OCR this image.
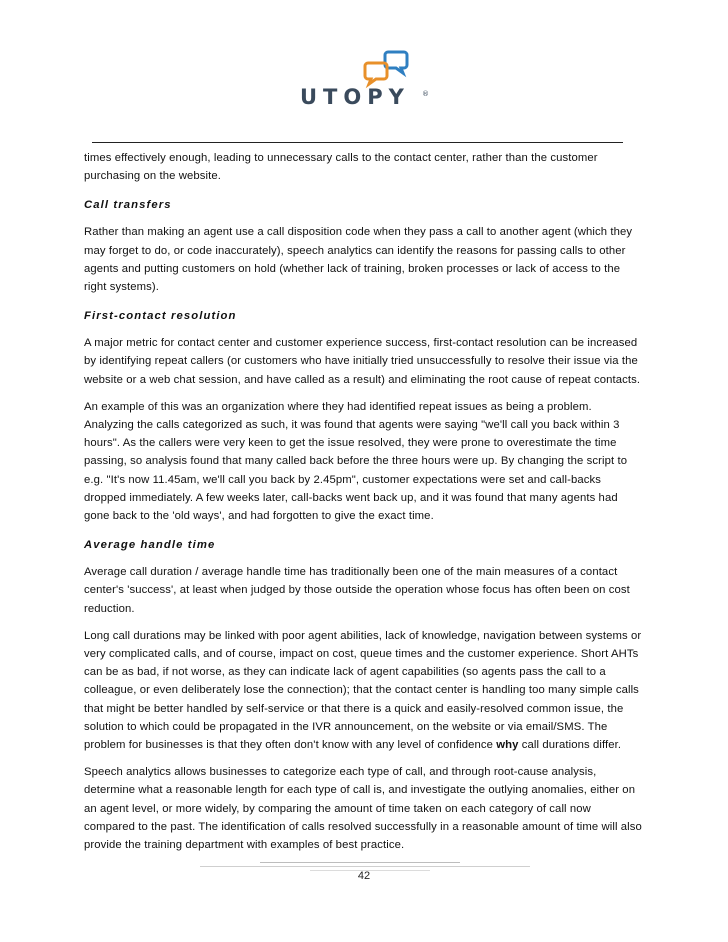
UTOPY ®

times effectively enough, leading to unnecessary calls to the contact center, rather than the customer purchasing on the website.

Call transfers

Rather than making an agent use a call disposition code when they pass a call to another agent (which they may forget to do, or code inaccurately), speech analytics can identify the reasons for passing calls to other agents and putting customers on hold (whether lack of training, broken processes or lack of access to the right systems).

First-contact resolution

A major metric for contact center and customer experience success, first-contact resolution can be increased by identifying repeat callers (or customers who have initially tried unsuccessfully to resolve their issue via the website or a web chat session, and have called as a result) and eliminating the root cause of repeat contacts.

An example of this was an organization where they had identified repeat issues as being a problem. Analyzing the calls categorized as such, it was found that agents were saying "we'll call you back within 3 hours". As the callers were very keen to get the issue resolved, they were prone to overestimate the time passing, so analysis found that many called back before the three hours were up. By changing the script to e.g. "It's now 11.45am, we'll call you back by 2.45pm", customer expectations were set and call-backs dropped immediately. A few weeks later, call-backs went back up, and it was found that many agents had gone back to the 'old ways', and had forgotten to give the exact time.

Average handle time

Average call duration / average handle time has traditionally been one of the main measures of a contact center's 'success', at least when judged by those outside the operation whose focus has often been on cost reduction.

Long call durations may be linked with poor agent abilities, lack of knowledge, navigation between systems or very complicated calls, and of course, impact on cost, queue times and the customer experience. Short AHTs can be as bad, if not worse, as they can indicate lack of agent capabilities (so agents pass the call to a colleague, or even deliberately lose the connection); that the contact center is handling too many simple calls that might be better handled by self-service or that there is a quick and easily-resolved common issue, the solution to which could be propagated in the IVR announcement, on the website or via email/SMS. The problem for businesses is that they often don't know with any level of confidence why call durations differ.

Speech analytics allows businesses to categorize each type of call, and through root-cause analysis, determine what a reasonable length for each type of call is, and investigate the outlying anomalies, either on an agent level, or more widely, by comparing the amount of time taken on each category of call now compared to the past. The identification of calls resolved successfully in a reasonable amount of time will also provide the training department with examples of best practice.

42
